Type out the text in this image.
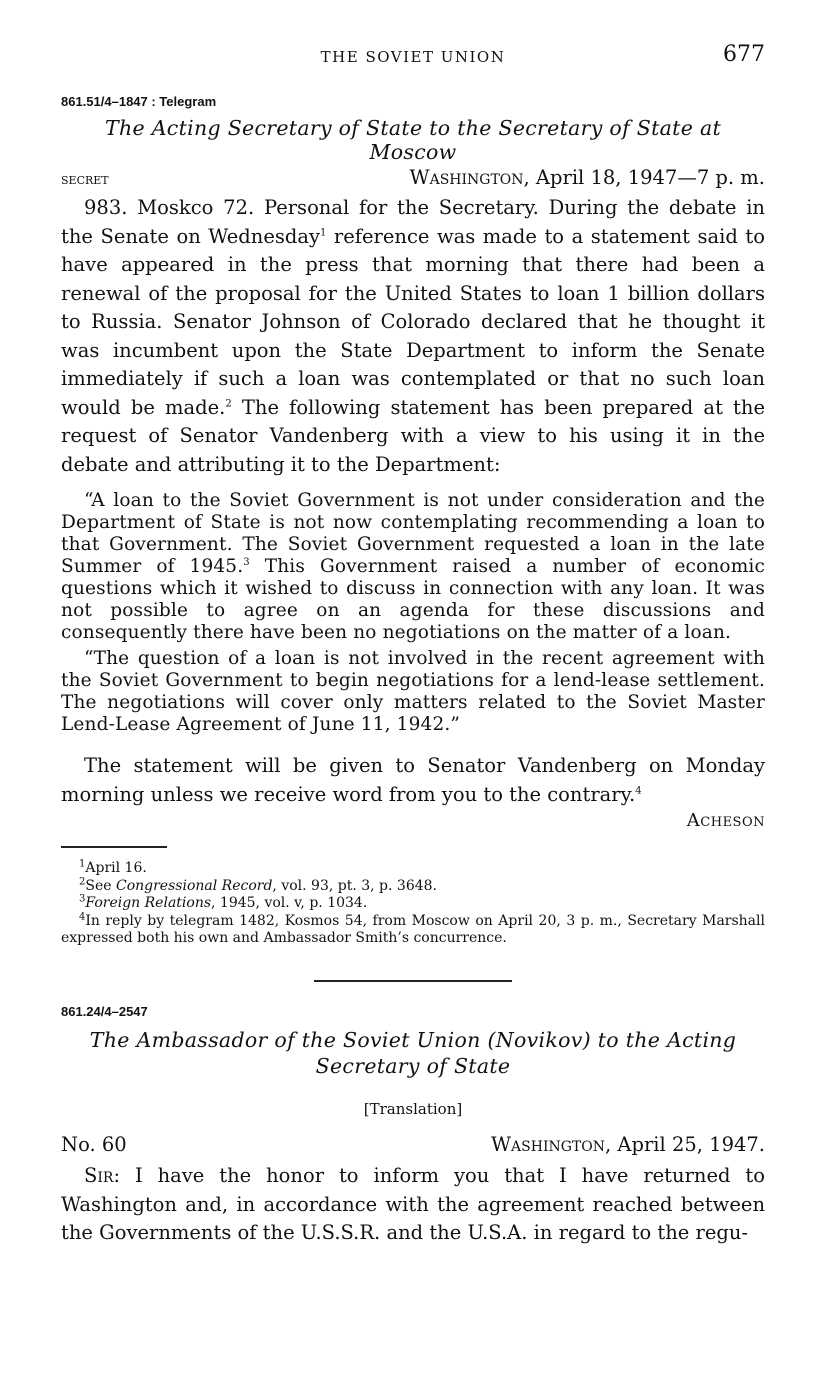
THE SOVIET UNION	677
861.51/4–1847 : Telegram
The Acting Secretary of State to the Secretary of State at Moscow
secret	Washington, April 18, 1947—7 p. m.

983. Moskco 72. Personal for the Secretary. During the debate in the Senate on Wednesday$^1$ reference was made to a statement said to have appeared in the press that morning that there had been a renewal of the proposal for the United States to loan 1 billion dollars to Russia. Senator Johnson of Colorado declared that he thought it was incumbent upon the State Department to inform the Senate immediately if such a loan was contemplated or that no such loan would be made.$^2$ The following statement has been prepared at the request of Senator Vandenberg with a view to his using it in the debate and attributing it to the Department:

“A loan to the Soviet Government is not under consideration and the Department of State is not now contemplating recommending a loan to that Government. The Soviet Government requested a loan in the late Summer of 1945.$^3$ This Government raised a number of economic questions which it wished to discuss in connection with any loan. It was not possible to agree on an agenda for these discussions and consequently there have been no negotiations on the matter of a loan.

“The question of a loan is not involved in the recent agreement with the Soviet Government to begin negotiations for a lend-lease settlement. The negotiations will cover only matters related to the Soviet Master Lend-Lease Agreement of June 11, 1942.”

The statement will be given to Senator Vandenberg on Monday morning unless we receive word from you to the contrary.$^4$

Acheson

$^1$April 16.

$^2$See Congressional Record, vol. 93, pt. 3, p. 3648.

$^3$Foreign Relations, 1945, vol. v, p. 1034.

$^4$In reply by telegram 1482, Kosmos 54, from Moscow on April 20, 3 p. m., Secretary Marshall expressed both his own and Ambassador Smith’s concurrence.

861.24/4–2547
The Ambassador of the Soviet Union (Novikov) to the Acting
Secretary of State
[Translation]
No. 60	Washington, April 25, 1947.

Sir: I have the honor to inform you that I have returned to Washington and, in accordance with the agreement reached between the Governments of the U.S.S.R. and the U.S.A. in regard to the regu-
